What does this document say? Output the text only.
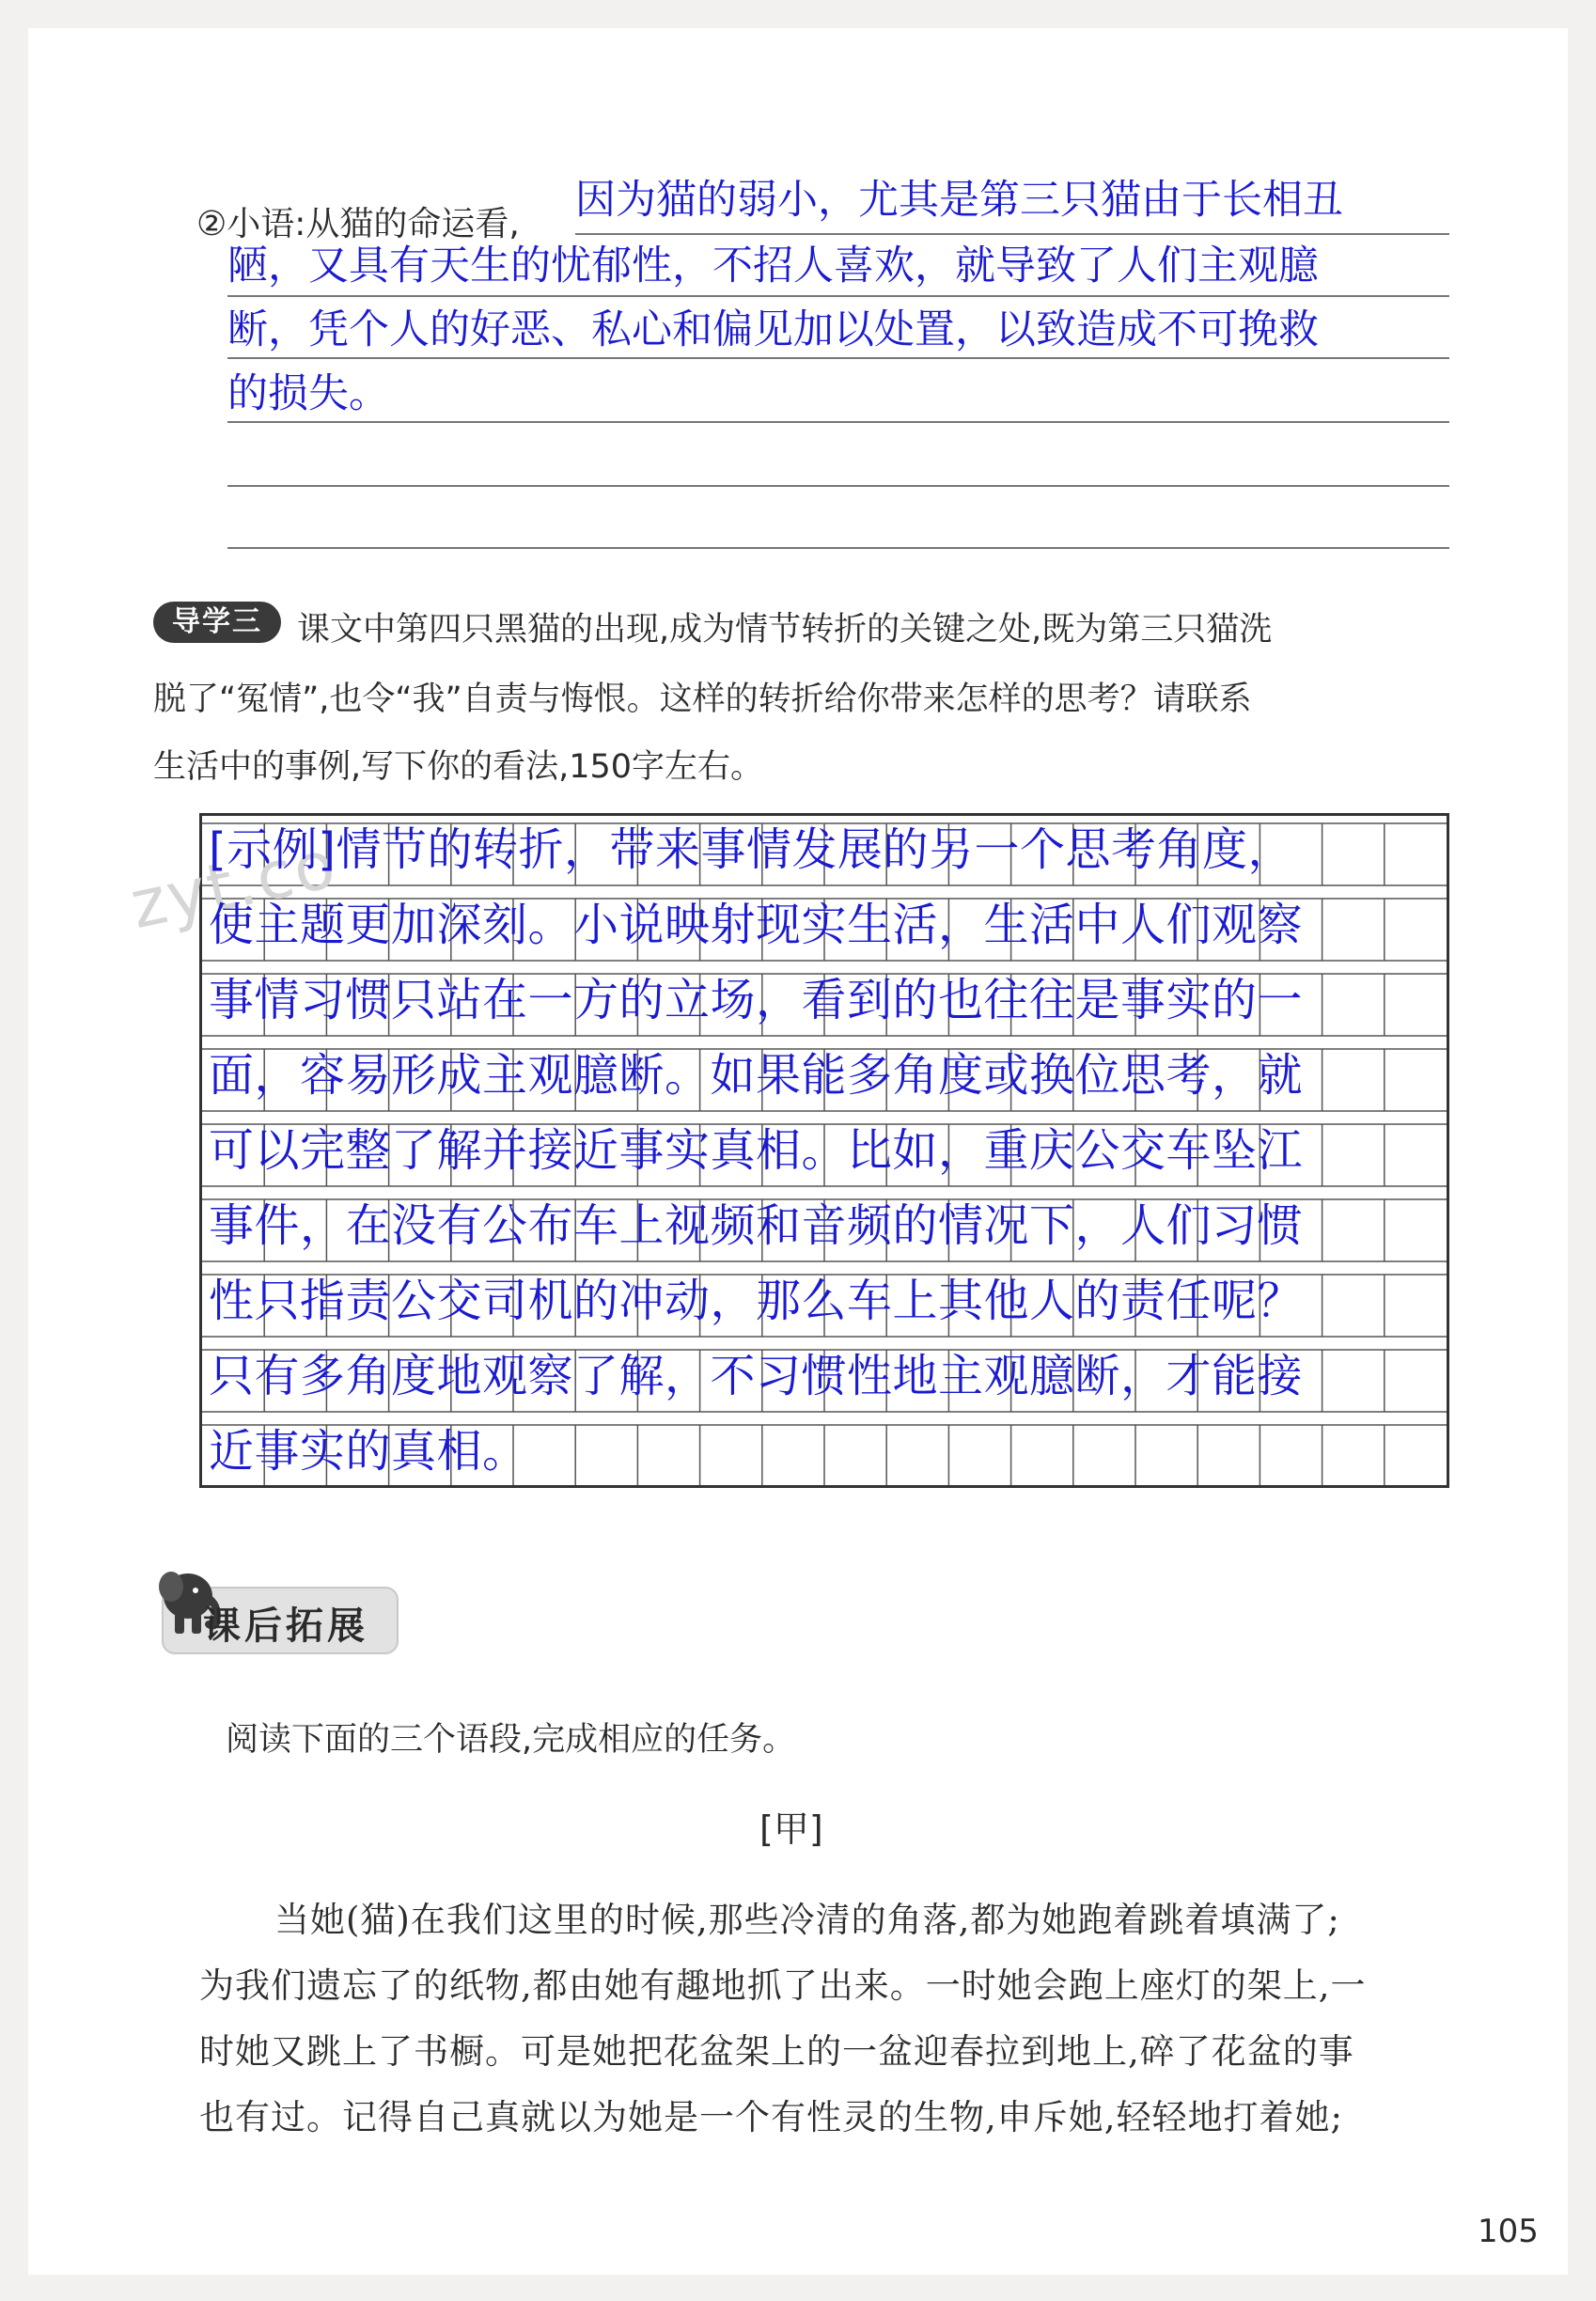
②小语:从猫的命运看,
因为猫的弱小，尤其是第三只猫由于长相丑
陋，又具有天生的忧郁性，不招人喜欢，就导致了人们主观臆
断，凭个人的好恶、私心和偏见加以处置，以致造成不可挽救
的损失。
导学三	课文中第四只黑猫的出现,成为情节转折的关键之处,既为第三只猫洗
脱了“冤情”,也令“我”自责与悔恨。这样的转折给你带来怎样的思考？请联系
生活中的事例,写下你的看法,150字左右。
zyt.co
[示例]情节的转折，带来事情发展的另一个思考角度，
使主题更加深刻。小说映射现实生活，生活中人们观察
事情习惯只站在一方的立场，看到的也往往是事实的一
面，容易形成主观臆断。如果能多角度或换位思考，就
可以完整了解并接近事实真相。比如，重庆公交车坠江
事件，在没有公布车上视频和音频的情况下，人们习惯
性只指责公交司机的冲动，那么车上其他人的责任呢？
只有多角度地观察了解，不习惯性地主观臆断，才能接
近事实的真相。
课后拓展
阅读下面的三个语段,完成相应的任务。
[甲]
当她(猫)在我们这里的时候,那些冷清的角落,都为她跑着跳着填满了;
为我们遗忘了的纸物,都由她有趣地抓了出来。一时她会跑上座灯的架上,一
时她又跳上了书橱。可是她把花盆架上的一盆迎春拉到地上,碎了花盆的事
也有过。记得自己真就以为她是一个有性灵的生物,申斥她,轻轻地打着她;
105
